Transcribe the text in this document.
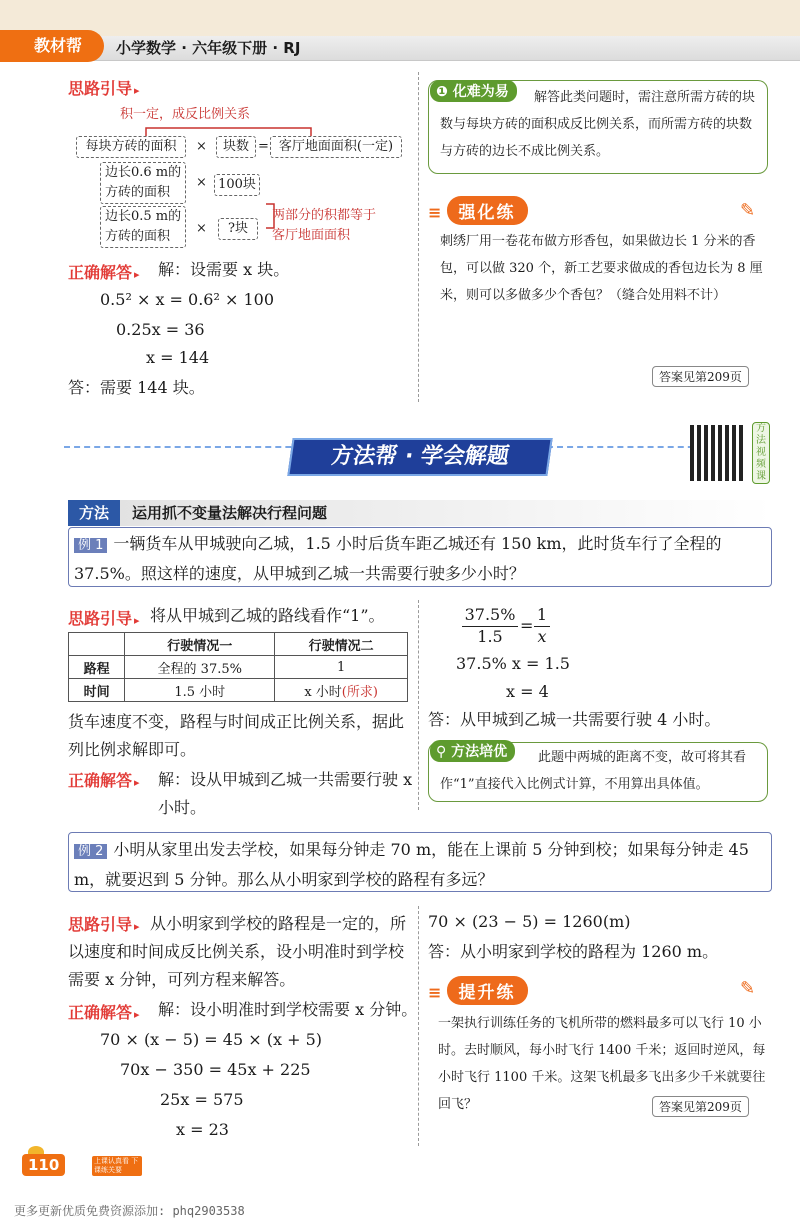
教材帮	小学数学 · 六年级下册 · RJ
思路引导 ▸
积一定，成反比例关系
每块方砖的面积	×	块数 = 客厅地面面积(一定)
边长0.6 m的方砖的面积
× 100块
边长0.5 m的方砖的面积
×	?块
两部分的积都等于客厅地面面积
正确解答 ▸ 解：设需要 x 块。
0.5² × x = 0.6² × 100
0.25x = 36
x = 144
答：需要 144 块。
❶ 化难为易	解答此类问题时，需注意所需方砖的块数与每块方砖的面积成反比例关系，而所需方砖的块数与方砖的边长不成比例关系。
≡ 强化练	✎
刺绣厂用一卷花布做方形香包，如果做边长 1 分米的香包，可以做 320 个，新工艺要求做成的香包边长为 8 厘米，则可以多做多少个香包？（缝合处用料不计）
答案见第209页
方法帮 · 学会解题
方法视频课
方法	运用抓不变量法解决行程问题
例 1 一辆货车从甲城驶向乙城，1.5 小时后货车距乙城还有 150 km，此时货车行了全程的 37.5%。照这样的速度，从甲城到乙城一共需要行驶多少小时？
思路引导 ▸ 将从甲城到乙城的路线看作“1”。
	行驶情况一	行驶情况二
路程	全程的 37.5%	1
时间	1.5 小时	x 小时(所求)
货车速度不变，路程与时间成正比例关系，据此列比例求解即可。
正确解答 ▸ 解：设从甲城到乙城一共需要行驶 x 小时。
37.5%
1.5
=
1
x
37.5% x = 1.5
x = 4
答：从甲城到乙城一共需要行驶 4 小时。
⚲ 方法培优	此题中两城的距离不变，故可将其看作“1”直接代入比例式计算，不用算出具体值。
例 2 小明从家里出发去学校，如果每分钟走 70 m，能在上课前 5 分钟到校；如果每分钟走 45 m，就要迟到 5 分钟。那么从小明家到学校的路程有多远？
从小明家到学校的路程是一定的，所以速度和时间成反比例关系，设小明准时到学校需要 x 分钟，可列方程来解答。
思路引导 ▸
正确解答 ▸ 解：设小明准时到学校需要 x 分钟。
70 × (x − 5) = 45 × (x + 5)
70x − 350 = 45x + 225
25x = 575
x = 23
70 × (23 − 5) = 1260(m)
答：从小明家到学校的路程为 1260 m。
≡ 提升练	✎
一架执行训练任务的飞机所带的燃料最多可以飞行 10 小时。去时顺风，每小时飞行 1400 千米；返回时逆风，每小时飞行 1100 千米。这架飞机最多飞出多少千米就要往回飞？	答案见第209页
110	上课认真看 下课练关要
更多更新优质免费资源添加: phq2903538
